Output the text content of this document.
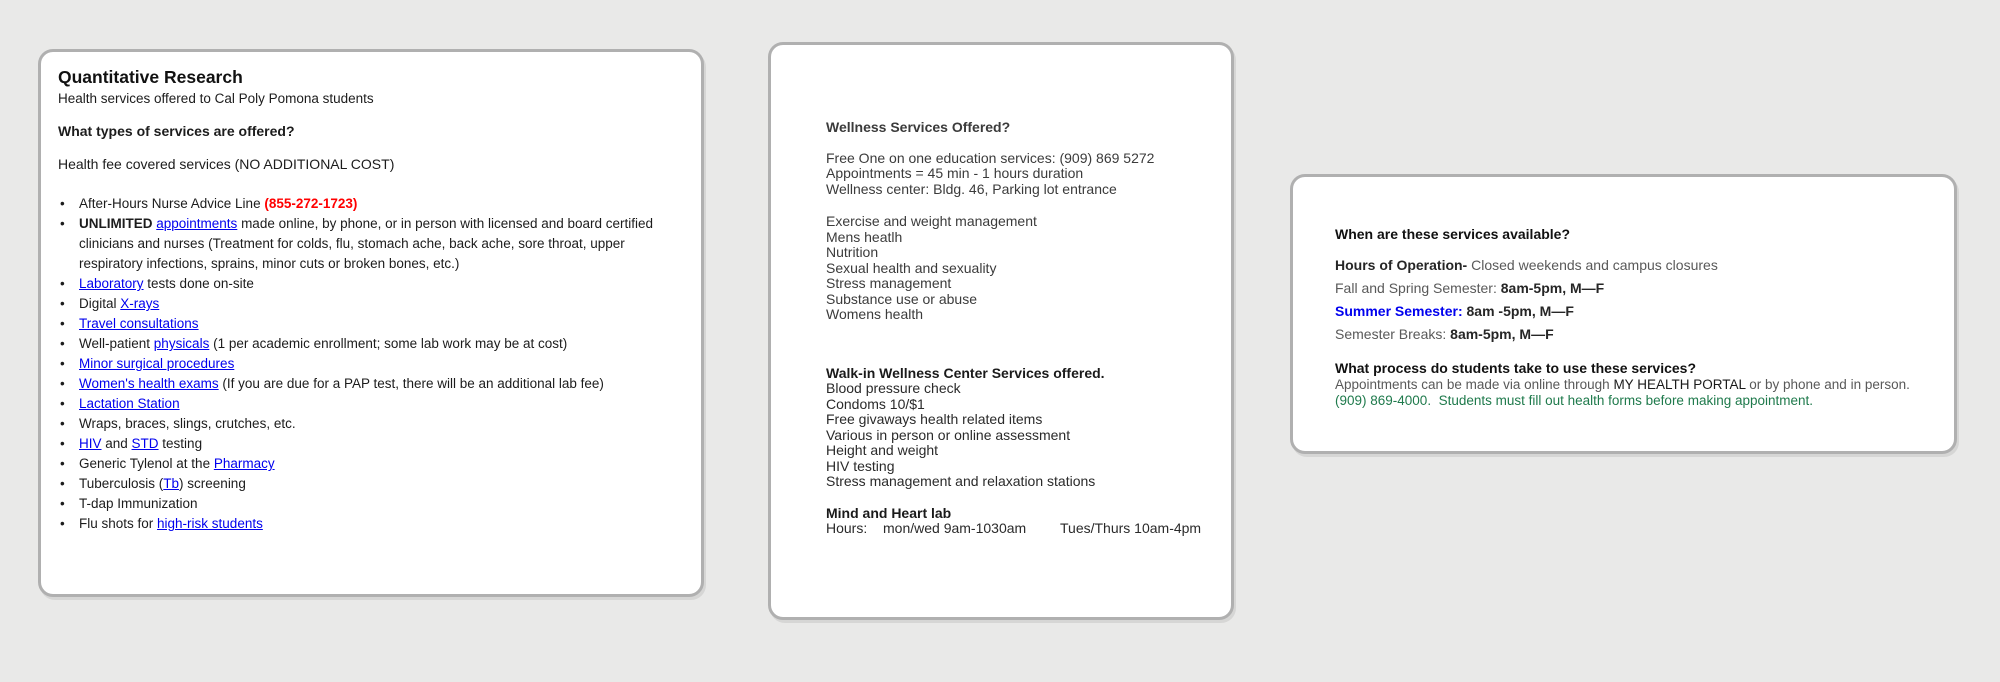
Quantitative Research

Health services offered to Cal Poly Pomona students

What types of services are offered?

Health fee covered services (NO ADDITIONAL COST)

• After-Hours Nurse Advice Line (855-272-1723)
• UNLIMITED appointments made online, by phone, or in person with licensed and board certified clinicians and nurses (Treatment for colds, flu, stomach ache, back ache, sore throat, upper respiratory infections, sprains, minor cuts or broken bones, etc.)
• Laboratory tests done on-site
• Digital X-rays
• Travel consultations
• Well-patient physicals (1 per academic enrollment; some lab work may be at cost)
• Minor surgical procedures
• Women's health exams (If you are due for a PAP test, there will be an additional lab fee)
• Lactation Station
• Wraps, braces, slings, crutches, etc.
• HIV and STD testing
• Generic Tylenol at the Pharmacy
• Tuberculosis (Tb) screening
• T-dap Immunization
• Flu shots for high-risk students
Wellness Services Offered?
Free One on one education services: (909) 869 5272
Appointments = 45 min - 1 hours duration
Wellness center: Bldg. 46, Parking lot entrance
Exercise and weight management
Mens heatlh
Nutrition
Sexual health and sexuality
Stress management
Substance use or abuse
Womens health

Walk-in Wellness Center Services offered.

Blood pressure check
Condoms 10/$1
Free givaways health related items
Various in person or online assessment
Height and weight
HIV testing
Stress management and relaxation stations

Mind and Heart lab

Hours: mon/wed 9am-1030am Tues/Thurs 10am-4pm

When are these services available?

Hours of Operation- Closed weekends and campus closures

Fall and Spring Semester: 8am-5pm, M—F

Summer Semester: 8am -5pm, M—F

Semester Breaks: 8am-5pm, M—F

What process do students take to use these services?

Appointments can be made via online through MY HEALTH PORTAL or by phone and in person.

(909) 869-4000.  Students must fill out health forms before making appointment.
